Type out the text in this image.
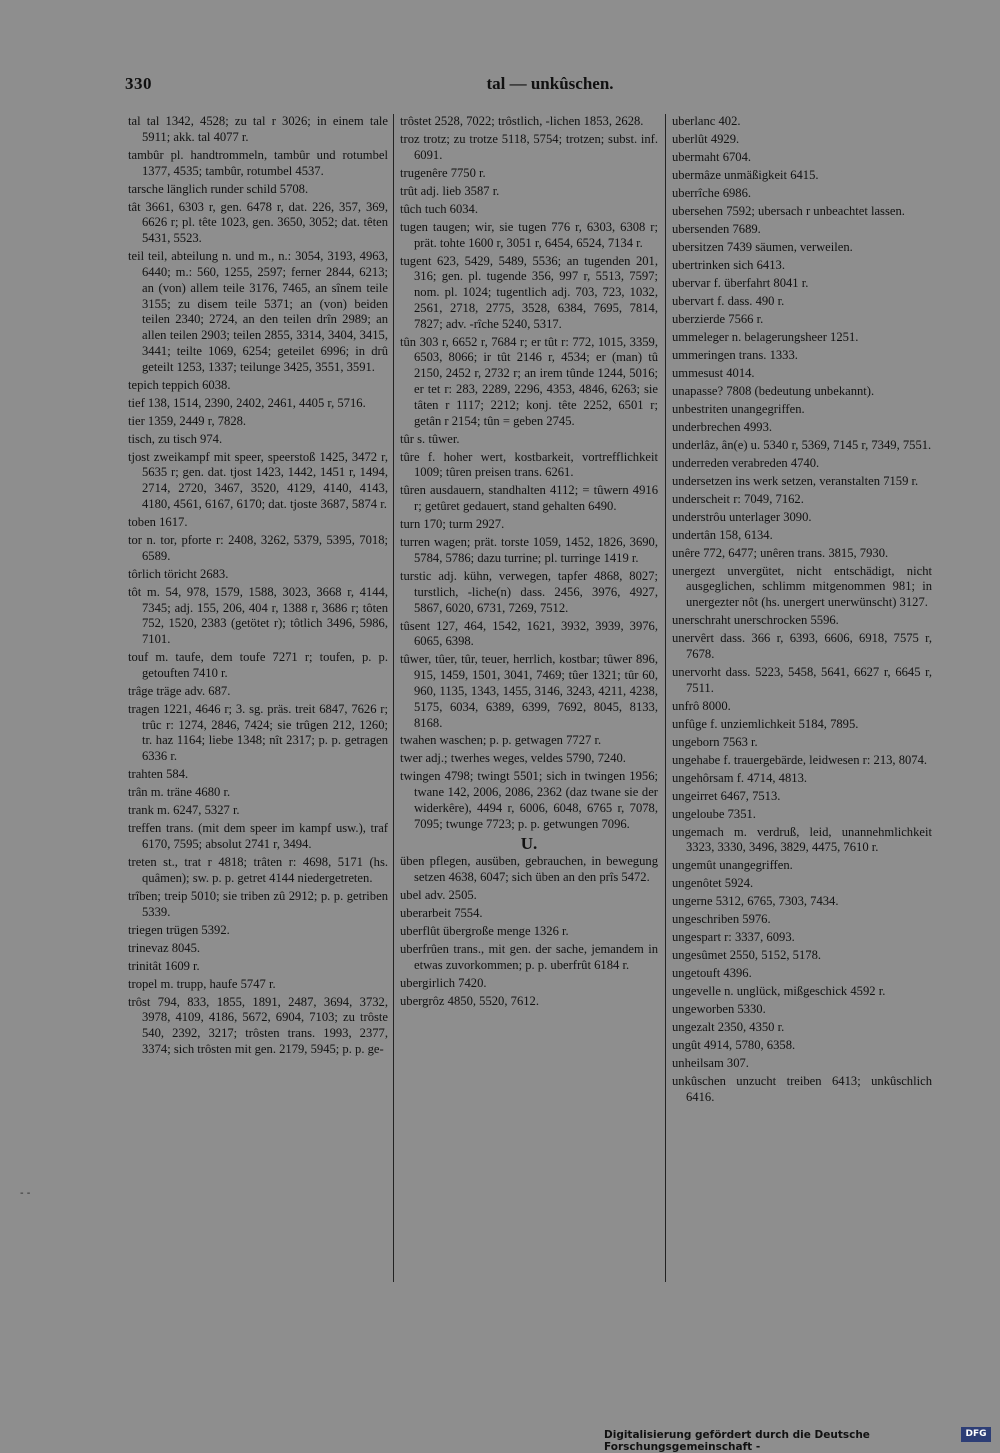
330	tal — unkûschen.

tal tal 1342, 4528; zu tal r 3026; in einem tale 5911; akk. tal 4077 r.

tambûr pl. handtrommeln, tambûr und rotumbel 1377, 4535; tambûr, rotumbel 4537.

tarsche länglich runder schild 5708.

tât 3661, 6303 r, gen. 6478 r, dat. 226, 357, 369, 6626 r; pl. tête 1023, gen. 3650, 3052; dat. têten 5431, 5523.

teil teil, abteilung n. und m., n.: 3054, 3193, 4963, 6440; m.: 560, 1255, 2597; ferner 2844, 6213; an (von) allem teile 3176, 7465, an sînem teile 3155; zu disem teile 5371; an (von) beiden teilen 2340; 2724, an den teilen drîn 2989; an allen teilen 2903; teilen 2855, 3314, 3404, 3415, 3441; teilte 1069, 6254; geteilet 6996; in drû geteilt 1253, 1337; teilunge 3425, 3551, 3591.

tepich teppich 6038.

tief 138, 1514, 2390, 2402, 2461, 4405 r, 5716.

tier 1359, 2449 r, 7828.

tisch, zu tisch 974.

tjost zweikampf mit speer, speerstoß 1425, 3472 r, 5635 r; gen. dat. tjost 1423, 1442, 1451 r, 1494, 2714, 2720, 3467, 3520, 4129, 4140, 4143, 4180, 4561, 6167, 6170; dat. tjoste 3687, 5874 r.

toben 1617.

tor n. tor, pforte r: 2408, 3262, 5379, 5395, 7018; 6589.

tôrlich töricht 2683.

tôt m. 54, 978, 1579, 1588, 3023, 3668 r, 4144, 7345; adj. 155, 206, 404 r, 1388 r, 3686 r; tôten 752, 1520, 2383 (getötet r); tôtlich 3496, 5986, 7101.

touf m. taufe, dem toufe 7271 r; toufen, p. p. getouften 7410 r.

trâge träge adv. 687.

tragen 1221, 4646 r; 3. sg. präs. treit 6847, 7626 r; trûc r: 1274, 2846, 7424; sie trûgen 212, 1260; tr. haz 1164; liebe 1348; nît 2317; p. p. getragen 6336 r.

trahten 584.

trân m. träne 4680 r.

trank m. 6247, 5327 r.

treffen trans. (mit dem speer im kampf usw.), traf 6170, 7595; absolut 2741 r, 3494.

treten st., trat r 4818; trâten r: 4698, 5171 (hs. quâmen); sw. p. p. getret 4144 niedergetreten.

trîben; treip 5010; sie triben zû 2912; p. p. getriben 5339.

triegen trügen 5392.

trinevaz 8045.

trinitât 1609 r.

tropel m. trupp, haufe 5747 r.

trôst 794, 833, 1855, 1891, 2487, 3694, 3732, 3978, 4109, 4186, 5672, 6904, 7103; zu trôste 540, 2392, 3217; trôsten trans. 1993, 2377, 3374; sich trôsten mit gen. 2179, 5945; p. p. ge-

trôstet 2528, 7022; trôstlich, -lichen 1853, 2628.

troz trotz; zu trotze 5118, 5754; trotzen; subst. inf. 6091.

trugenêre 7750 r.

trût adj. lieb 3587 r.

tûch tuch 6034.

tugen taugen; wir, sie tugen 776 r, 6303, 6308 r; prät. tohte 1600 r, 3051 r, 6454, 6524, 7134 r.

tugent 623, 5429, 5489, 5536; an tugenden 201, 316; gen. pl. tugende 356, 997 r, 5513, 7597; nom. pl. 1024; tugentlich adj. 703, 723, 1032, 2561, 2718, 2775, 3528, 6384, 7695, 7814, 7827; adv. -rîche 5240, 5317.

tûn 303 r, 6652 r, 7684 r; er tût r: 772, 1015, 3359, 6503, 8066; ir tût 2146 r, 4534; er (man) tû 2150, 2452 r, 2732 r; an irem tûnde 1244, 5016; er tet r: 283, 2289, 2296, 4353, 4846, 6263; sie tâten r 1117; 2212; konj. tête 2252, 6501 r; getân r 2154; tûn = geben 2745.

tûr s. tûwer.

tûre f. hoher wert, kostbarkeit, vortrefflichkeit 1009; tûren preisen trans. 6261.

tûren ausdauern, standhalten 4112; = tûwern 4916 r; getûret gedauert, stand gehalten 6490.

turn 170; turm 2927.

turren wagen; prät. torste 1059, 1452, 1826, 3690, 5784, 5786; dazu turrine; pl. turringe 1419 r.

turstic adj. kühn, verwegen, tapfer 4868, 8027; turstlich, -liche(n) dass. 2456, 3976, 4927, 5867, 6020, 6731, 7269, 7512.

tûsent 127, 464, 1542, 1621, 3932, 3939, 3976, 6065, 6398.

tûwer, tûer, tûr, teuer, herrlich, kostbar; tûwer 896, 915, 1459, 1501, 3041, 7469; tûer 1321; tûr 60, 960, 1135, 1343, 1455, 3146, 3243, 4211, 4238, 5175, 6034, 6389, 6399, 7692, 8045, 8133, 8168.

twahen waschen; p. p. getwagen 7727 r.

twer adj.; twerhes weges, veldes 5790, 7240.

twingen 4798; twingt 5501; sich in twingen 1956; twane 142, 2006, 2086, 2362 (daz twane sie der widerkêre), 4494 r, 6006, 6048, 6765 r, 7078, 7095; twunge 7723; p. p. getwungen 7096.

U.

üben pflegen, ausüben, gebrauchen, in bewegung setzen 4638, 6047; sich üben an den prîs 5472.

ubel adv. 2505.

uberarbeit 7554.

uberflût übergroße menge 1326 r.

uberfrûen trans., mit gen. der sache, jemandem in etwas zuvorkommen; p. p. uberfrût 6184 r.

ubergirlich 7420.

ubergrôz 4850, 5520, 7612.

uberlanc 402.

uberlût 4929.

ubermaht 6704.

ubermâze unmäßigkeit 6415.

uberrîche 6986.

ubersehen 7592; ubersach r unbeachtet lassen.

ubersenden 7689.

ubersitzen 7439 säumen, verweilen.

ubertrinken sich 6413.

ubervar f. überfahrt 8041 r.

ubervart f. dass. 490 r.

uberzierde 7566 r.

ummeleger n. belagerungsheer 1251.

ummeringen trans. 1333.

ummesust 4014.

unapasse? 7808 (bedeutung unbekannt).

unbestriten unangegriffen.

underbrechen 4993.

underlâz, ân(e) u. 5340 r, 5369, 7145 r, 7349, 7551.

underreden verabreden 4740.

undersetzen ins werk setzen, veranstalten 7159 r.

underscheit r: 7049, 7162.

understrôu unterlager 3090.

undertân 158, 6134.

unêre 772, 6477; unêren trans. 3815, 7930.

unergezt unvergütet, nicht entschädigt, nicht ausgeglichen, schlimm mitgenommen 981; in unergezter nôt (hs. unergert unerwünscht) 3127.

unerschraht unerschrocken 5596.

unervêrt dass. 366 r, 6393, 6606, 6918, 7575 r, 7678.

unervorht dass. 5223, 5458, 5641, 6627 r, 6645 r, 7511.

unfrô 8000.

unfûge f. unziemlichkeit 5184, 7895.

ungeborn 7563 r.

ungehabe f. trauergebärde, leidwesen r: 213, 8074.

ungehôrsam f. 4714, 4813.

ungeirret 6467, 7513.

ungeloube 7351.

ungemach m. verdruß, leid, unannehmlichkeit 3323, 3330, 3496, 3829, 4475, 7610 r.

ungemût unangegriffen.

ungenôtet 5924.

ungerne 5312, 6765, 7303, 7434.

ungeschriben 5976.

ungespart r: 3337, 6093.

ungesûmet 2550, 5152, 5178.

ungetouft 4396.

ungevelle n. unglück, mißgeschick 4592 r.

ungeworben 5330.

ungezalt 2350, 4350 r.

ungût 4914, 5780, 6358.

unheilsam 307.

unkûschen unzucht treiben 6413; unkûschlich 6416.

- -
Digitalisierung gefördert durch die Deutsche Forschungsgemeinschaft -
DFG
